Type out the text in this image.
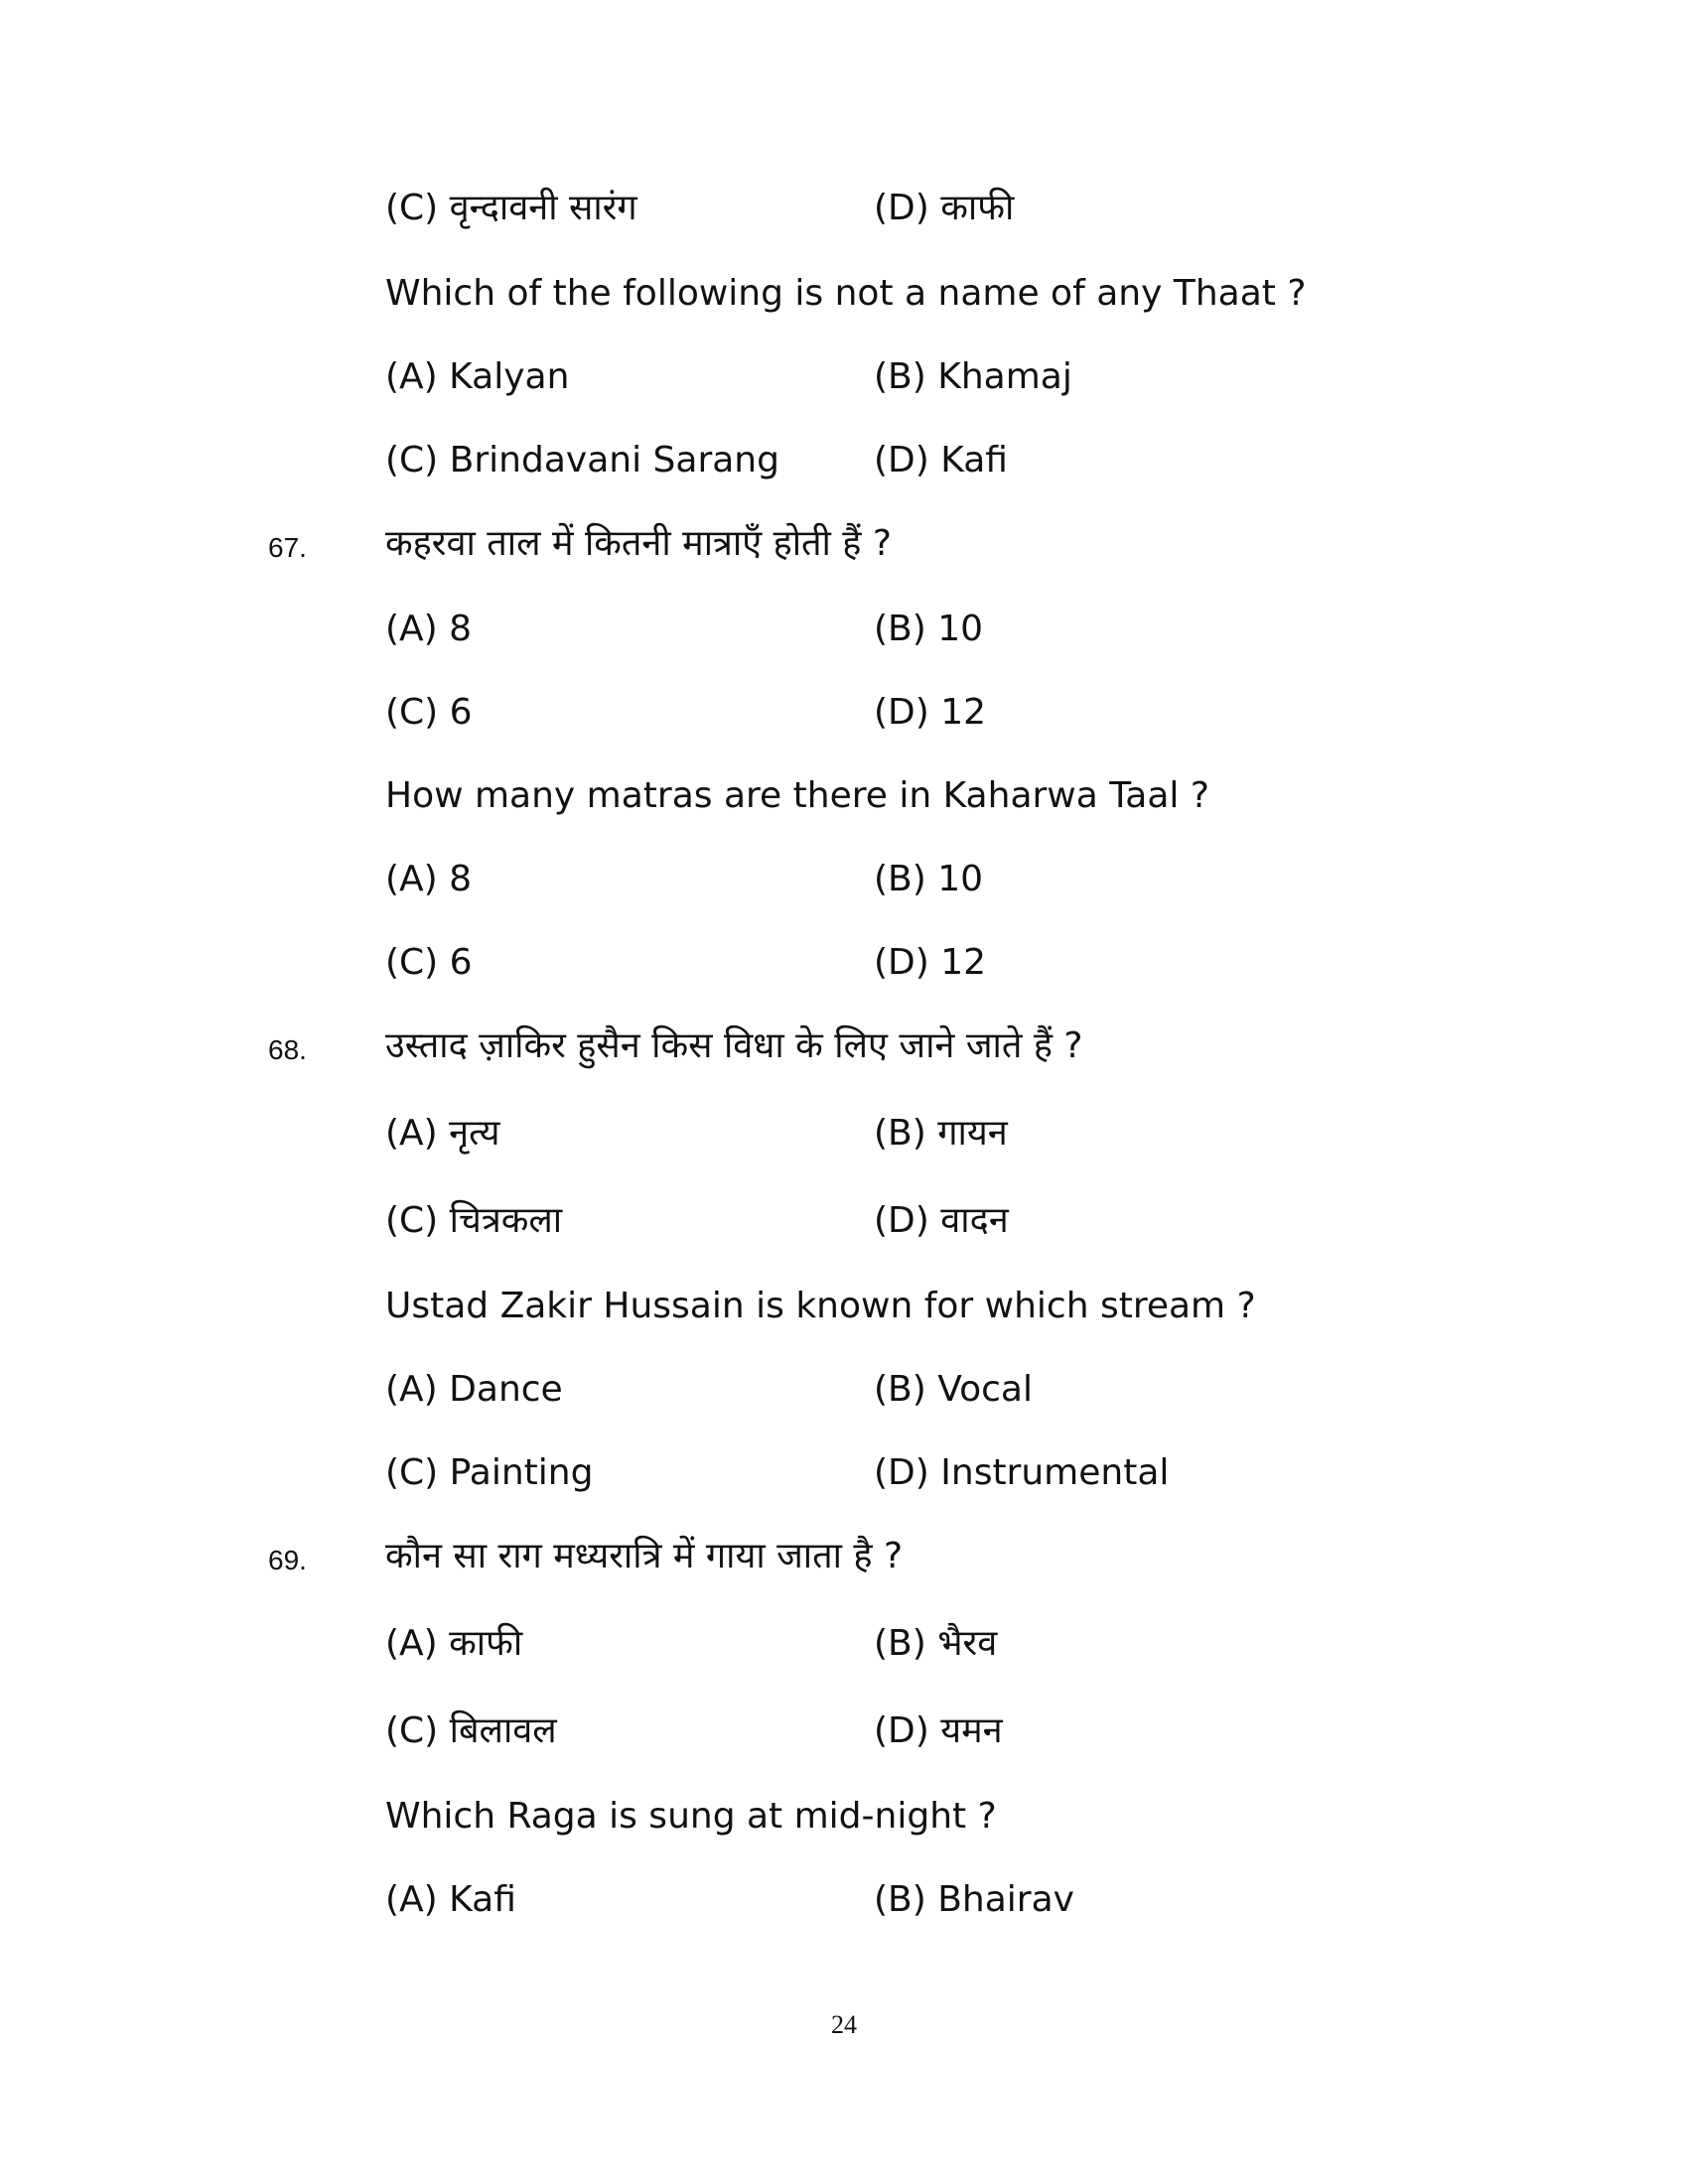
(C) वृन्दावनी सारंग	(D) काफी
Which of the following is not a name of any Thaat ?
(A) Kalyan	(B) Khamaj
(C) Brindavani Sarang	(D) Kafi
67. कहरवा ताल में कितनी मात्राएँ होती हैं ?
(A) 8	(B) 10
(C) 6	(D) 12
How many matras are there in Kaharwa Taal ?
(A) 8	(B) 10
(C) 6	(D) 12
68. उस्ताद ज़ाकिर हुसैन किस विधा के लिए जाने जाते हैं ?
(A) नृत्य	(B) गायन
(C) चित्रकला	(D) वादन
Ustad Zakir Hussain is known for which stream ?
(A) Dance	(B) Vocal
(C) Painting	(D) Instrumental
69. कौन सा राग मध्यरात्रि में गाया जाता है ?
(A) काफी	(B) भैरव
(C) बिलावल	(D) यमन
Which Raga is sung at mid-night ?
(A) Kafi	(B) Bhairav
24
